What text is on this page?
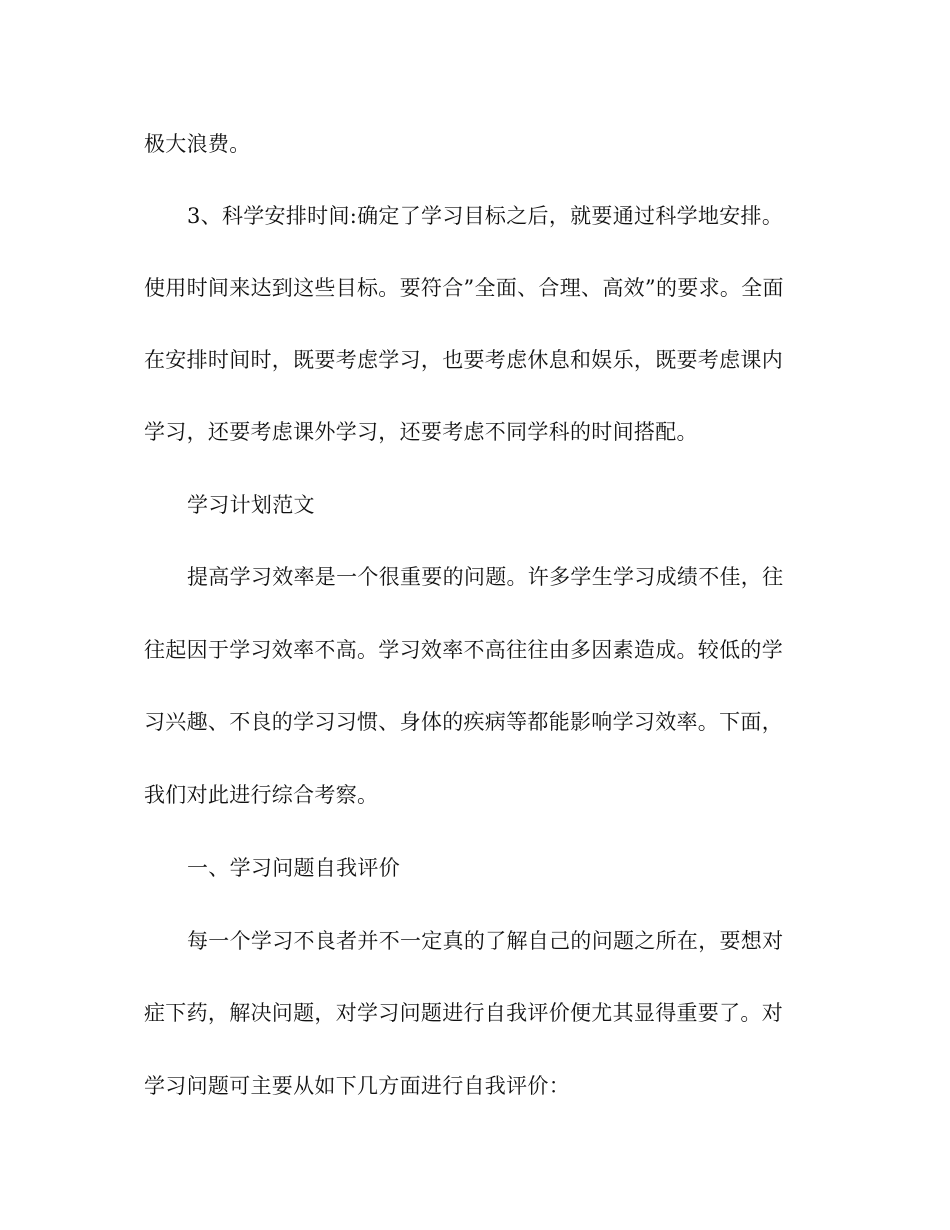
极大浪费。
3、科学安排时间:确定了学习目标之后，就要通过科学地安排。
使用时间来达到这些目标。要符合”全面、合理、高效”的要求。全面
在安排时间时，既要考虑学习，也要考虑休息和娱乐，既要考虑课内
学习，还要考虑课外学习，还要考虑不同学科的时间搭配。
学习计划范文
提高学习效率是一个很重要的问题。许多学生学习成绩不佳，往
往起因于学习效率不高。学习效率不高往往由多因素造成。较低的学
习兴趣、不良的学习习惯、身体的疾病等都能影响学习效率。下面，
我们对此进行综合考察。
一、学习问题自我评价
每一个学习不良者并不一定真的了解自己的问题之所在，要想对
症下药，解决问题，对学习问题进行自我评价便尤其显得重要了。对
学习问题可主要从如下几方面进行自我评价：
